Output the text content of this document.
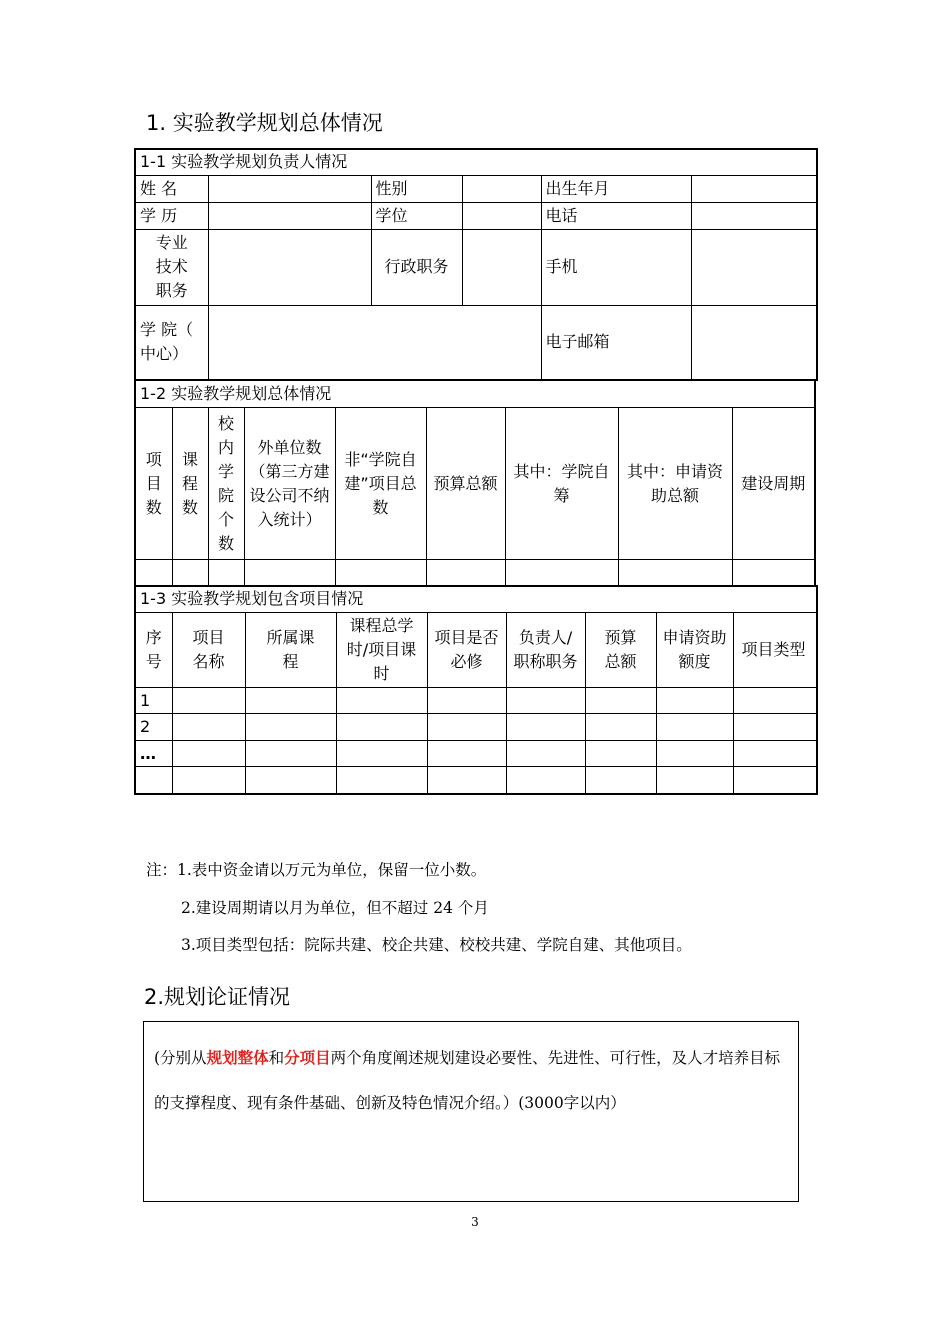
1. 实验教学规划总体情况
1-1 实验教学规划负责人情况					
姓 名		性别		出生年月	
学 历		学位		电话	
专业技术职务		行政职务		手机	
学 院（ 中心）				电子邮箱	
1-2 实验教学规划总体情况								
项目数	课程数	校内学院个数	外单位数（第三方建设公司不纳入统计）	非“学院自建”项目总数	预算总额	其中：学院自筹	其中：申请资助总额	建设周期

1-3 实验教学规划包含项目情况								
序号	项目名称	所属课程	课程总学时/项目课时	项目是否必修	负责人/职称职务	预算总额	申请资助额度	项目类型
1								
2								
…								

注：1.表中资金请以万元为单位，保留一位小数。
2.建设周期请以月为单位，但不超过 24 个月
3.项目类型包括：院际共建、校企共建、校校共建、学院自建、其他项目。
2.规划论证情况
(分别从规划整体和分项目两个角度阐述规划建设必要性、先进性、可行性，及人才培养目标的支撑程度、现有条件基础、创新及特色情况介绍。）(3000字以内）
3
